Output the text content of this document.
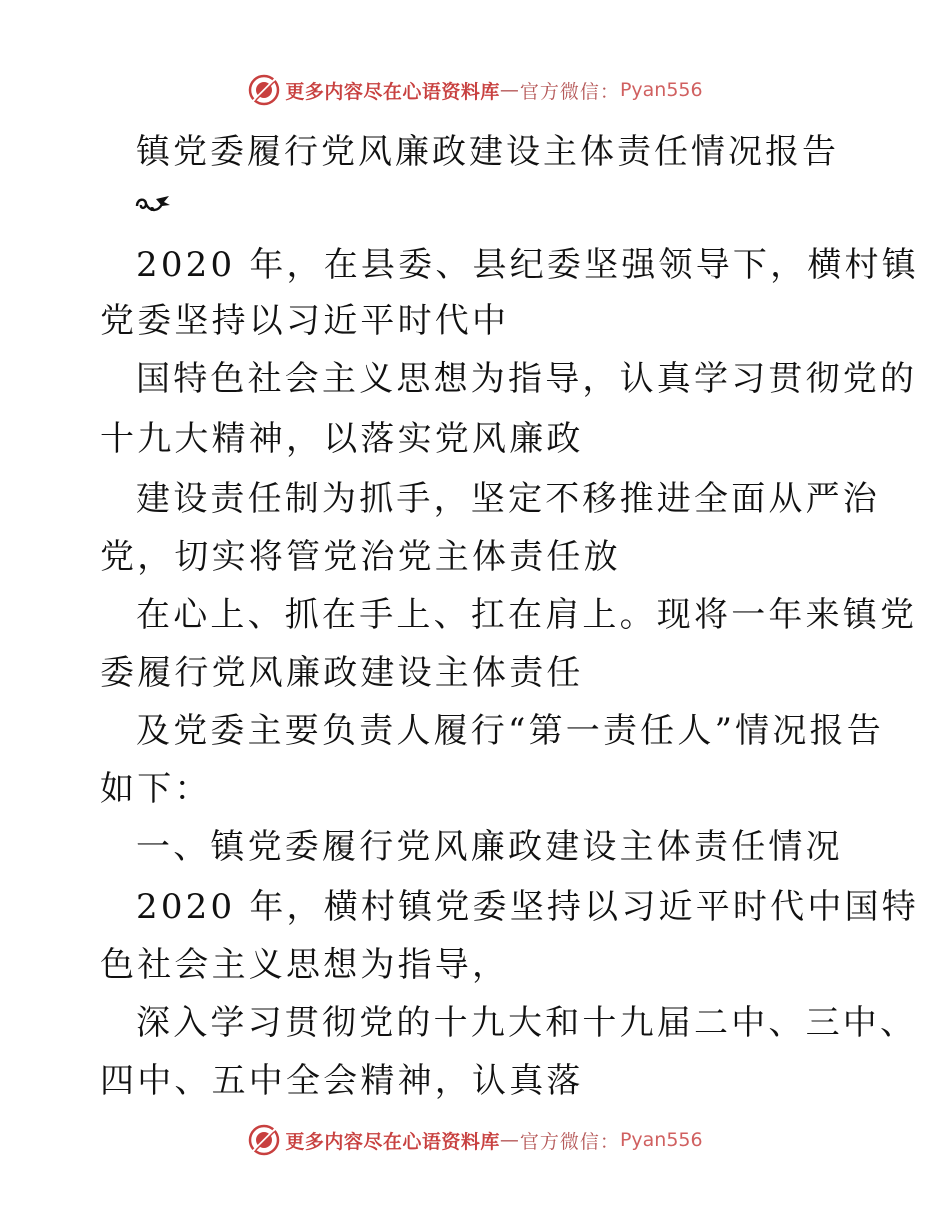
更多内容尽在心语资料库 — 官方微信： Pyan556
镇党委履行党风廉政建设主体责任情况报告
2020 年，在县委、县纪委坚强领导下，横村镇
党委坚持以习近平时代中
国特色社会主义思想为指导，认真学习贯彻党的
十九大精神，以落实党风廉政
建设责任制为抓手，坚定不移推进全面从严治
党，切实将管党治党主体责任放
在心上、抓在手上、扛在肩上。现将一年来镇党
委履行党风廉政建设主体责任
及党委主要负责人履行“第一责任人”情况报告
如下：
一、镇党委履行党风廉政建设主体责任情况
2020 年，横村镇党委坚持以习近平时代中国特
色社会主义思想为指导，
深入学习贯彻党的十九大和十九届二中、三中、
四中、五中全会精神，认真落
更多内容尽在心语资料库 — 官方微信： Pyan556
